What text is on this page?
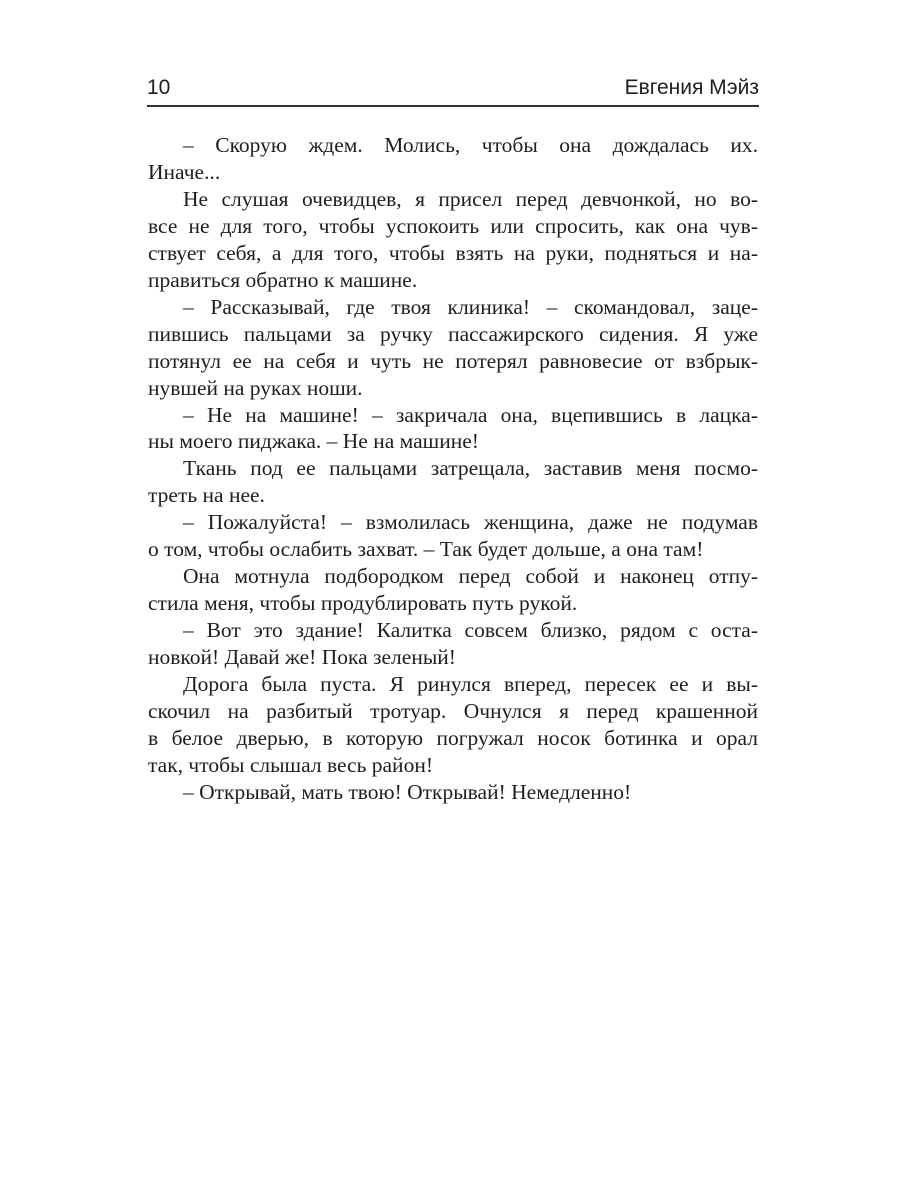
10	Евгения Мэйз
– Скорую ждем. Молись, чтобы она дождалась их.
Иначе...
Не слушая очевидцев, я присел перед девчонкой, но во-
все не для того, чтобы успокоить или спросить, как она чув-
ствует себя, а для того, чтобы взять на руки, подняться и на-
правиться обратно к машине.
– Рассказывай, где твоя клиника! – скомандовал, заце-
пившись пальцами за ручку пассажирского сидения. Я уже
потянул ее на себя и чуть не потерял равновесие от взбрык-
нувшей на руках ноши.
– Не на машине! – закричала она, вцепившись в лацка-
ны моего пиджака. – Не на машине!
Ткань под ее пальцами затрещала, заставив меня посмо-
треть на нее.
– Пожалуйста! – взмолилась женщина, даже не подумав
о том, чтобы ослабить захват. – Так будет дольше, а она там!
Она мотнула подбородком перед собой и наконец отпу-
стила меня, чтобы продублировать путь рукой.
– Вот это здание! Калитка совсем близко, рядом с оста-
новкой! Давай же! Пока зеленый!
Дорога была пуста. Я ринулся вперед, пересек ее и вы-
скочил на разбитый тротуар. Очнулся я перед крашенной
в белое дверью, в которую погружал носок ботинка и орал
так, чтобы слышал весь район!
– Открывай, мать твою! Открывай! Немедленно!
